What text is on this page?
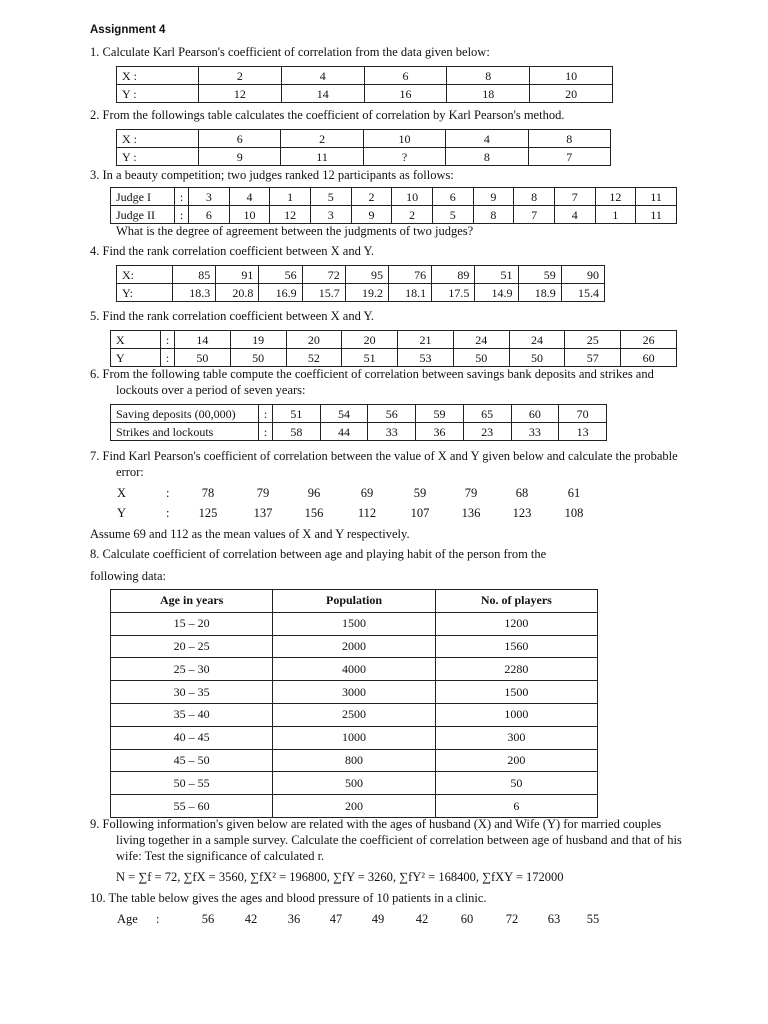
Assignment 4
1. Calculate Karl Pearson's coefficient of correlation from the data given below:
X :	2	4	6	8	10
Y :	12	14	16	18	20
2. From the followings table calculates the coefficient of correlation by Karl Pearson's method.
X :	6	2	10	4	8
Y :	9	11	?	8	7
3. In a beauty competition; two judges ranked 12 participants as follows:
Judge I	:	3	4	1	5	2	10	6	9	8	7	12	11
Judge II	:	6	10	12	3	9	2	5	8	7	4	1	11
What is the degree of agreement between the judgments of two judges?
4. Find the rank correlation coefficient between X and Y.
X:	85	91	56	72	95	76	89	51	59	90
Y:	18.3	20.8	16.9	15.7	19.2	18.1	17.5	14.9	18.9	15.4
5. Find the rank correlation coefficient between X and Y.
X	:	14	19	20	20	21	24	24	25	26
Y	:	50	50	52	51	53	50	50	57	60
6. From the following table compute the coefficient of correlation between savings bank deposits and strikes and lockouts over a period of seven years:
Saving deposits (00,000)	:	51	54	56	59	65	60	70
Strikes and lockouts	:	58	44	33	36	23	33	13
7. Find Karl Pearson's coefficient of correlation between the value of X and Y given below and calculate the probable error:
X	:	78	79	96	69	59	79	68	61
Y	:	125	137	156	112	107	136	123	108
Assume 69 and 112 as the mean values of X and Y respectively.
8. Calculate coefficient of correlation between age and playing habit of the person from the
following data:
Age in years	Population	No. of players
15 – 20	1500	1200
20 – 25	2000	1560
25 – 30	4000	2280
30 – 35	3000	1500
35 – 40	2500	1000
40 – 45	1000	300
45 – 50	800	200
50 – 55	500	50
55 – 60	200	6
9. Following information's given below are related with the ages of husband (X) and Wife (Y) for married couples living together in a sample survey. Calculate the coefficient of correlation between age of husband and that of his wife: Test the significance of calculated r.
N = ∑f = 72, ∑fX = 3560, ∑fX² = 196800, ∑fY = 3260, ∑fY² = 168400, ∑fXY = 172000
10. The table below gives the ages and blood pressure of 10 patients in a clinic.
Age :	56	42	36	47	49	42	60	72	63	55
